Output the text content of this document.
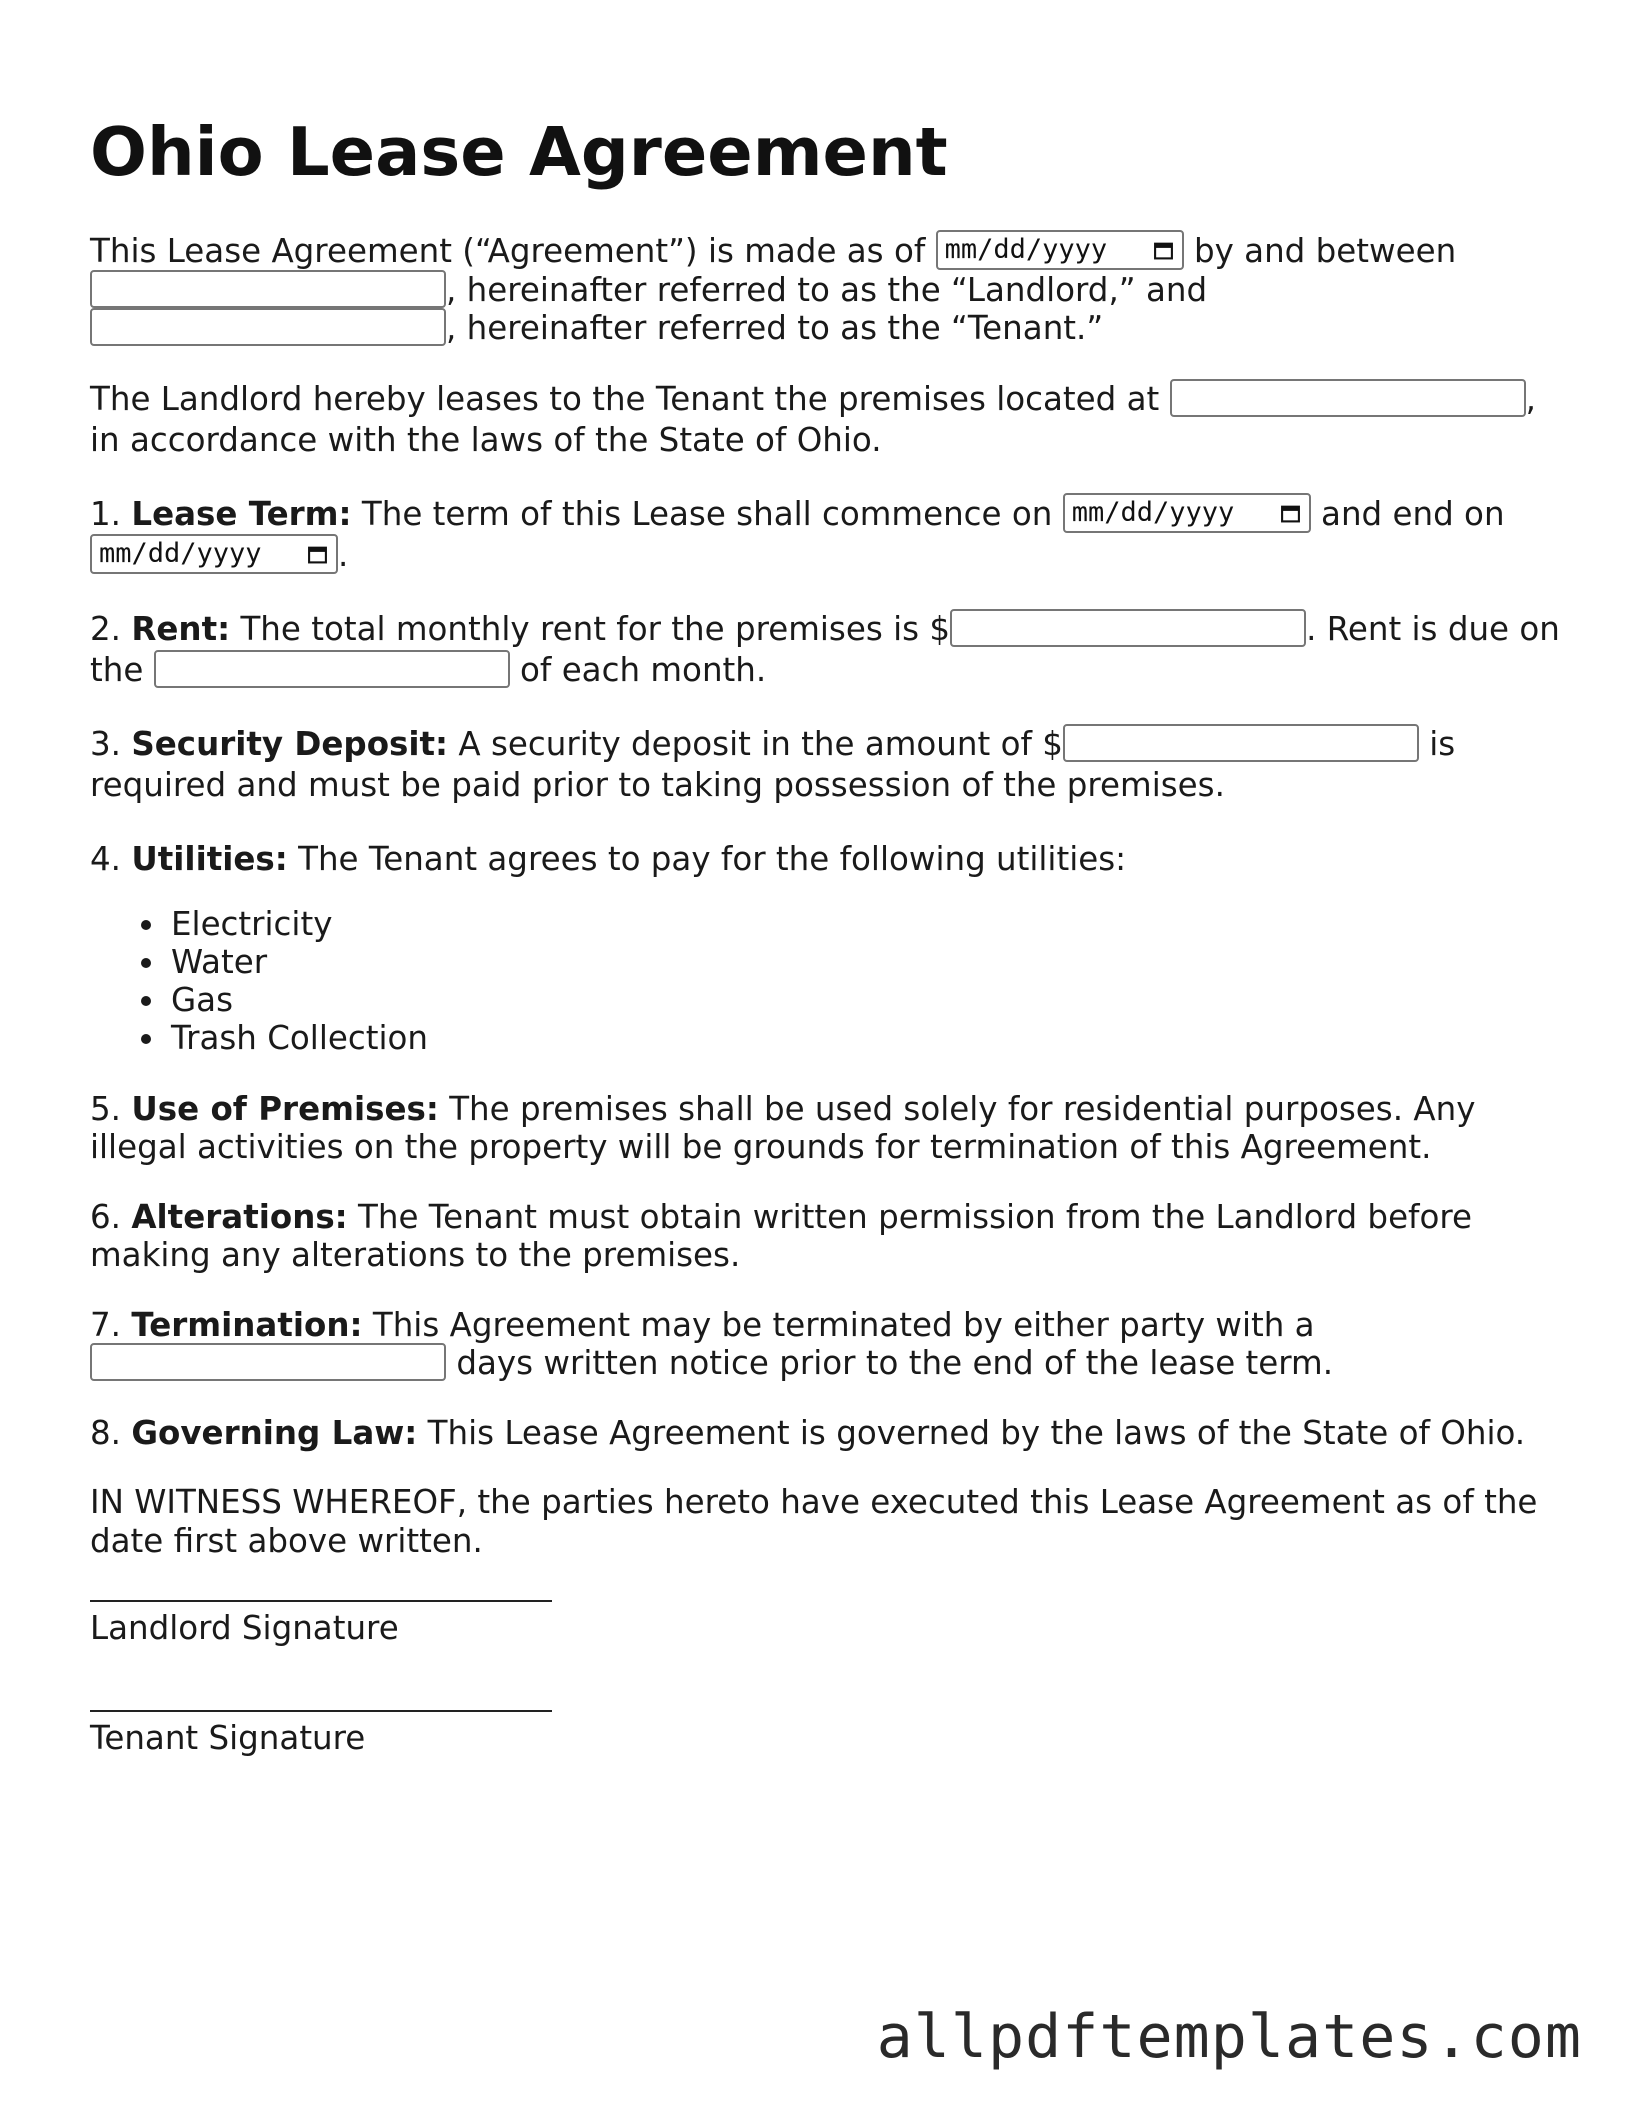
Ohio Lease Agreement

This Lease Agreement (“Agreement”) is made as of mm/dd/yyyy	by and between
, hereinafter referred to as the “Landlord,” and
, hereinafter referred to as the “Tenant.”

The Landlord hereby leases to the Tenant the premises located at	,
in accordance with the laws of the State of Ohio.

1. Lease Term: The term of this Lease shall commence on mm/dd/yyyy	and end on

mm/dd/yyyy .

2. Rent: The total monthly rent for the premises is $	. Rent is due on
the	of each month.

3. Security Deposit: A security deposit in the amount of $	is
required and must be paid prior to taking possession of the premises.

4. Utilities: The Tenant agrees to pay for the following utilities:

• Electricity
• Water
• Gas
• Trash Collection

5. Use of Premises: The premises shall be used solely for residential purposes. Any illegal activities on the property will be grounds for termination of this Agreement.

6. Alterations: The Tenant must obtain written permission from the Landlord before making any alterations to the premises.

7. Termination: This Agreement may be terminated by either party with a
days written notice prior to the end of the lease term.

8. Governing Law: This Lease Agreement is governed by the laws of the State of Ohio.

IN WITNESS WHEREOF, the parties hereto have executed this Lease Agreement as of the date first above written.

Landlord Signature
Tenant Signature
allpdftemplates.com
